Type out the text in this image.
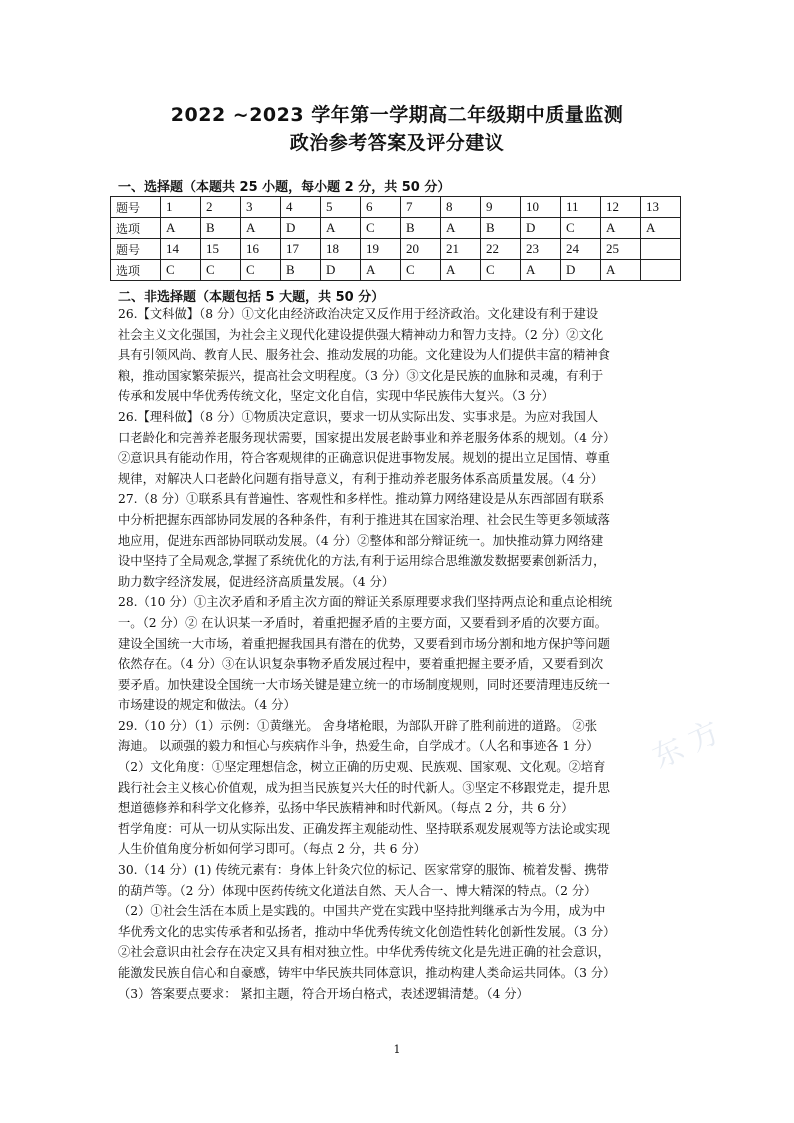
2022 ~2023 学年第一学期高二年级期中质量监测
政治参考答案及评分建议
一、选择题（本题共 25 小题，每小题 2 分，共 50 分）
题号	1	2	3	4	5	6	7	8	9	10	11	12	13
选项	A	B	A	D	A	C	B	A	B	D	C	A	A
题号	14	15	16	17	18	19	20	21	22	23	24	25	
选项	C	C	C	B	D	A	C	A	C	A	D	A	
二、非选择题（本题包括 5 大题，共 50 分）
26.【文科做】（8 分）①文化由经济政治决定又反作用于经济政治。文化建设有利于建设
社会主义文化强国，为社会主义现代化建设提供强大精神动力和智力支持。（2 分）②文化
具有引领风尚、教育人民、服务社会、推动发展的功能。文化建设为人们提供丰富的精神食
粮，推动国家繁荣振兴，提高社会文明程度。（3 分）③文化是民族的血脉和灵魂，有利于
传承和发展中华优秀传统文化，坚定文化自信，实现中华民族伟大复兴。（3 分）
26.【理科做】（8 分）①物质决定意识，要求一切从实际出发、实事求是。为应对我国人
口老龄化和完善养老服务现状需要，国家提出发展老龄事业和养老服务体系的规划。（4 分）
②意识具有能动作用，符合客观规律的正确意识促进事物发展。规划的提出立足国情、尊重
规律，对解决人口老龄化问题有指导意义，有利于推动养老服务体系高质量发展。（4 分）
27.（8 分）①联系具有普遍性、客观性和多样性。推动算力网络建设是从东西部固有联系
中分析把握东西部协同发展的各种条件，有利于推进其在国家治理、社会民生等更多领域落
地应用，促进东西部协同联动发展。（4 分）②整体和部分辩证统一。加快推动算力网络建
设中坚持了全局观念,掌握了系统优化的方法,有利于运用综合思维激发数据要素创新活力，
助力数字经济发展，促进经济高质量发展。（4 分）
28.（10 分）①主次矛盾和矛盾主次方面的辩证关系原理要求我们坚持两点论和重点论相统
一。（2 分）② 在认识某一矛盾时，着重把握矛盾的主要方面，又要看到矛盾的次要方面。
建设全国统一大市场，着重把握我国具有潜在的优势，又要看到市场分割和地方保护等问题
依然存在。（4 分）③在认识复杂事物矛盾发展过程中，要着重把握主要矛盾，又要看到次
要矛盾。加快建设全国统一大市场关键是建立统一的市场制度规则，同时还要清理违反统一
市场建设的规定和做法。（4 分）
29.（10 分）（1）示例：①黄继光。 舍身堵枪眼，为部队开辟了胜利前进的道路。 ②张
海迪。 以顽强的毅力和恒心与疾病作斗争，热爱生命，自学成才。（人名和事迹各 1 分）
（2）文化角度：①坚定理想信念，树立正确的历史观、民族观、国家观、文化观。②培育
践行社会主义核心价值观，成为担当民族复兴大任的时代新人。③坚定不移跟党走，提升思
想道德修养和科学文化修养，弘扬中华民族精神和时代新风。（每点 2 分，共 6 分）
哲学角度：可从一切从实际出发、正确发挥主观能动性、坚持联系观发展观等方法论或实现
人生价值角度分析如何学习即可。（每点 2 分，共 6 分）
30.（14 分）(1) 传统元素有：身体上针灸穴位的标记、医家常穿的服饰、梳着发髻、携带
的葫芦等。（2 分）体现中医药传统文化道法自然、天人合一、博大精深的特点。（2 分）
（2）①社会生活在本质上是实践的。中国共产党在实践中坚持批判继承古为今用，成为中
华优秀文化的忠实传承者和弘扬者，推动中华优秀传统文化创造性转化创新性发展。（3 分）
②社会意识由社会存在决定又具有相对独立性。中华优秀传统文化是先进正确的社会意识，
能激发民族自信心和自豪感，铸牢中华民族共同体意识，推动构建人类命运共同体。（3 分）
（3）答案要点要求： 紧扣主题，符合开场白格式，表述逻辑清楚。（4 分）
东 方
1
